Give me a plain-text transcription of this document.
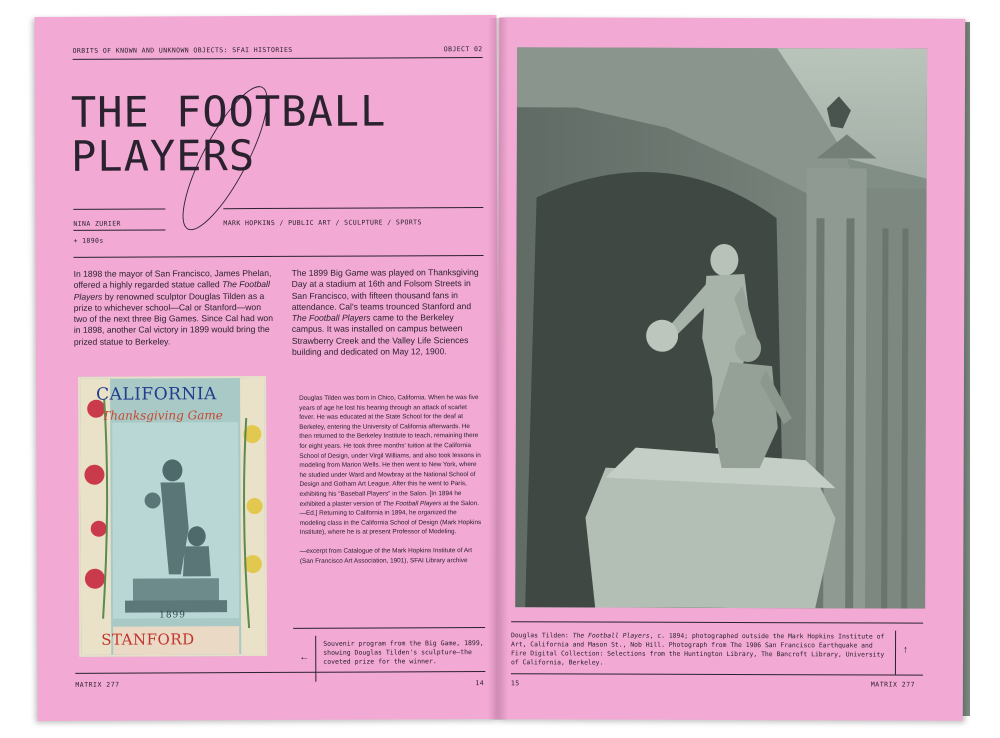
ORBITS OF KNOWN AND UNKNOWN OBJECTS: SFAI HISTORIES	OBJECT 02
THE FOOTBALL
PLAYERS
NINA ZURIER	MARK HOPKINS / PUBLIC ART / SCULPTURE / SPORTS
+ 1890s
In 1898 the mayor of San Francisco, James Phelan, offered a highly regarded statue called The Football Players by renowned sculptor Douglas Tilden as a prize to whichever school—Cal or Stanford—won two of the next three Big Games. Since Cal had won in 1898, another Cal victory in 1899 would bring the prized statue to Berkeley.
The 1899 Big Game was played on Thanksgiving Day at a stadium at 16th and Folsom Streets in San Francisco, with fifteen thousand fans in attendance. Cal's teams trounced Stanford and The Football Players came to the Berkeley campus. It was installed on campus between Strawberry Creek and the Valley Life Sciences building and dedicated on May 12, 1900.
Douglas Tilden was born in Chico, California. When he was five years of age he lost his hearing through an attack of scarlet fever. He was educated at the State School for the deaf at Berkeley, entering the University of California afterwards. He then returned to the Berkeley Institute to teach, remaining there for eight years. He took three months' tuition at the California School of Design, under Virgil Williams, and also took lessons in modeling from Marion Wells. He then went to New York, where he studied under Ward and Mowbray at the National School of Design and Gotham Art League. After this he went to Paris, exhibiting his "Baseball Players" in the Salon. [In 1894 he exhibited a plaster version of The Football Players at the Salon.—Ed.] Returning to California in 1894, he organized the modeling class in the California School of Design (Mark Hopkins Institute), where he is at present Professor of Modeling.
—excerpt from Catalogue of the Mark Hopkins Institute of Art (San Francisco Art Association, 1901), SFAI Library archive
CALIFORNIA
Thanksgiving Game
1899
STANFORD
←
Souvenir program from the Big Game, 1899, showing Douglas Tilden's sculpture—the coveted prize for the winner.
MATRIX 277	14
Douglas Tilden: The Football Players, c. 1894; photographed outside the Mark Hopkins Institute of Art, California and Mason St., Nob Hill. Photograph from The 1906 San Francisco Earthquake and Fire Digital Collection: Selections from the Huntington Library, The Bancroft Library, University of California, Berkeley.
↑
15	MATRIX 277
